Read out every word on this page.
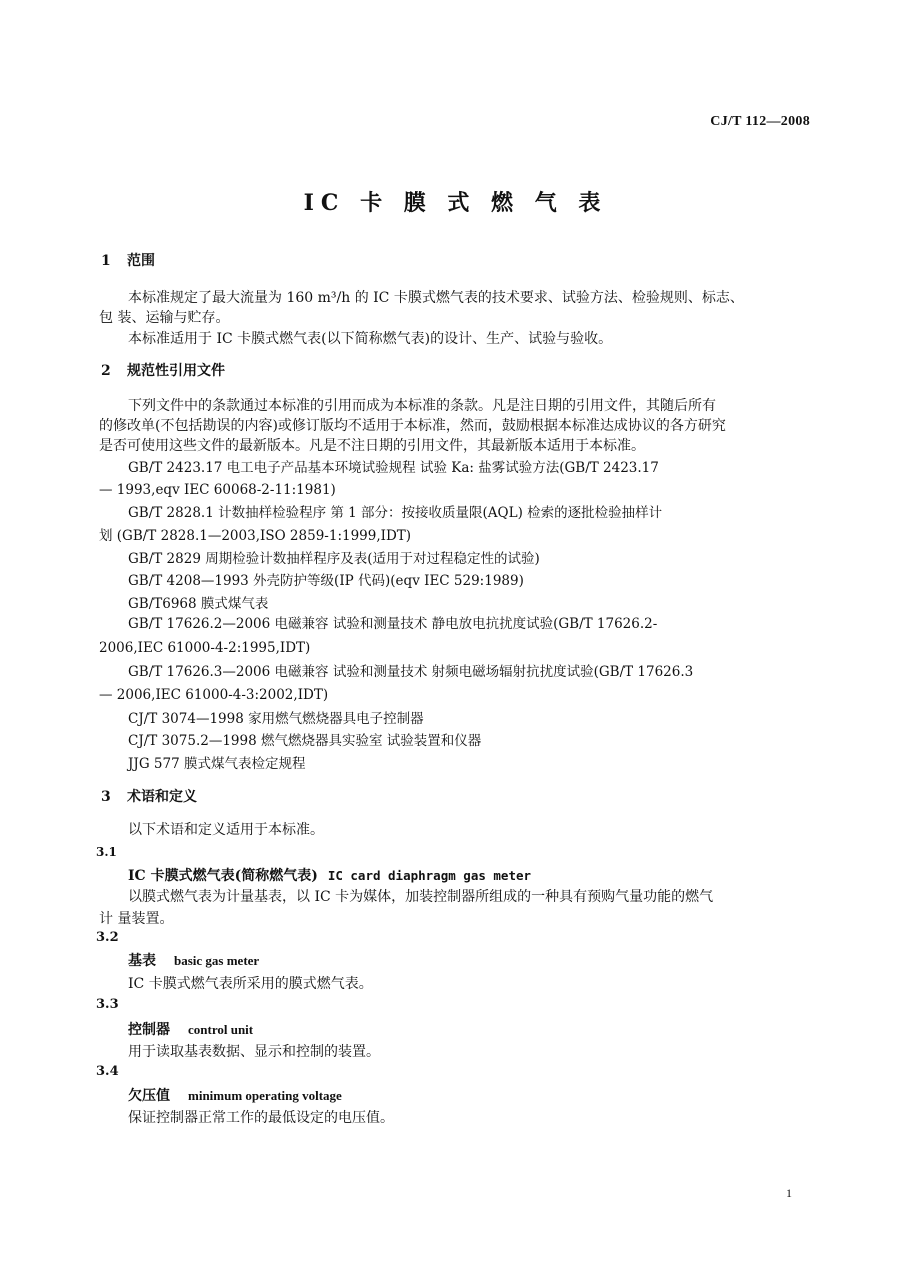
CJ/T 112—2008
IC 卡 膜 式 燃 气 表
1 范围
本标准规定了最大流量为 160 m³/h 的 IC 卡膜式燃气表的技术要求、试验方法、检验规则、标志、
包 装、运输与贮存。
本标准适用于 IC 卡膜式燃气表(以下简称燃气表)的设计、生产、试验与验收。
2 规范性引用文件
下列文件中的条款通过本标准的引用而成为本标准的条款。凡是注日期的引用文件，其随后所有
的修改单(不包括勘误的内容)或修订版均不适用于本标准，然而，鼓励根据本标准达成协议的各方研究
是否可使用这些文件的最新版本。凡是不注日期的引用文件，其最新版本适用于本标准。
GB/T 2423.17 电工电子产品基本环境试验规程 试验 Ka: 盐雾试验方法(GB/T 2423.17
— 1993,eqv IEC 60068-2-11:1981)
GB/T 2828.1 计数抽样检验程序 第 1 部分：按接收质量限(AQL) 检索的逐批检验抽样计
划 (GB/T 2828.1—2003,ISO 2859-1:1999,IDT)
GB/T 2829 周期检验计数抽样程序及表(适用于对过程稳定性的试验)
GB/T 4208—1993 外壳防护等级(IP 代码)(eqv IEC 529:1989)
GB/T6968 膜式煤气表
GB/T 17626.2—2006 电磁兼容 试验和测量技术 静电放电抗扰度试验(GB/T 17626.2-
2006,IEC 61000-4-2:1995,IDT)
GB/T 17626.3—2006 电磁兼容 试验和测量技术 射频电磁场辐射抗扰度试验(GB/T 17626.3
— 2006,IEC 61000-4-3:2002,IDT)
CJ/T 3074—1998 家用燃气燃烧器具电子控制器
CJ/T 3075.2—1998 燃气燃烧器具实验室 试验装置和仪器
JJG 577 膜式煤气表检定规程
3 术语和定义
以下术语和定义适用于本标准。
3.1
IC 卡膜式燃气表(简称燃气表) IC card diaphragm gas meter
以膜式燃气表为计量基表，以 IC 卡为媒体，加装控制器所组成的一种具有预购气量功能的燃气
计 量装置。
3.2
基表 basic gas meter
IC 卡膜式燃气表所采用的膜式燃气表。
3.3
控制器 control unit
用于读取基表数据、显示和控制的装置。
3.4
欠压值 minimum operating voltage
保证控制器正常工作的最低设定的电压值。
1
